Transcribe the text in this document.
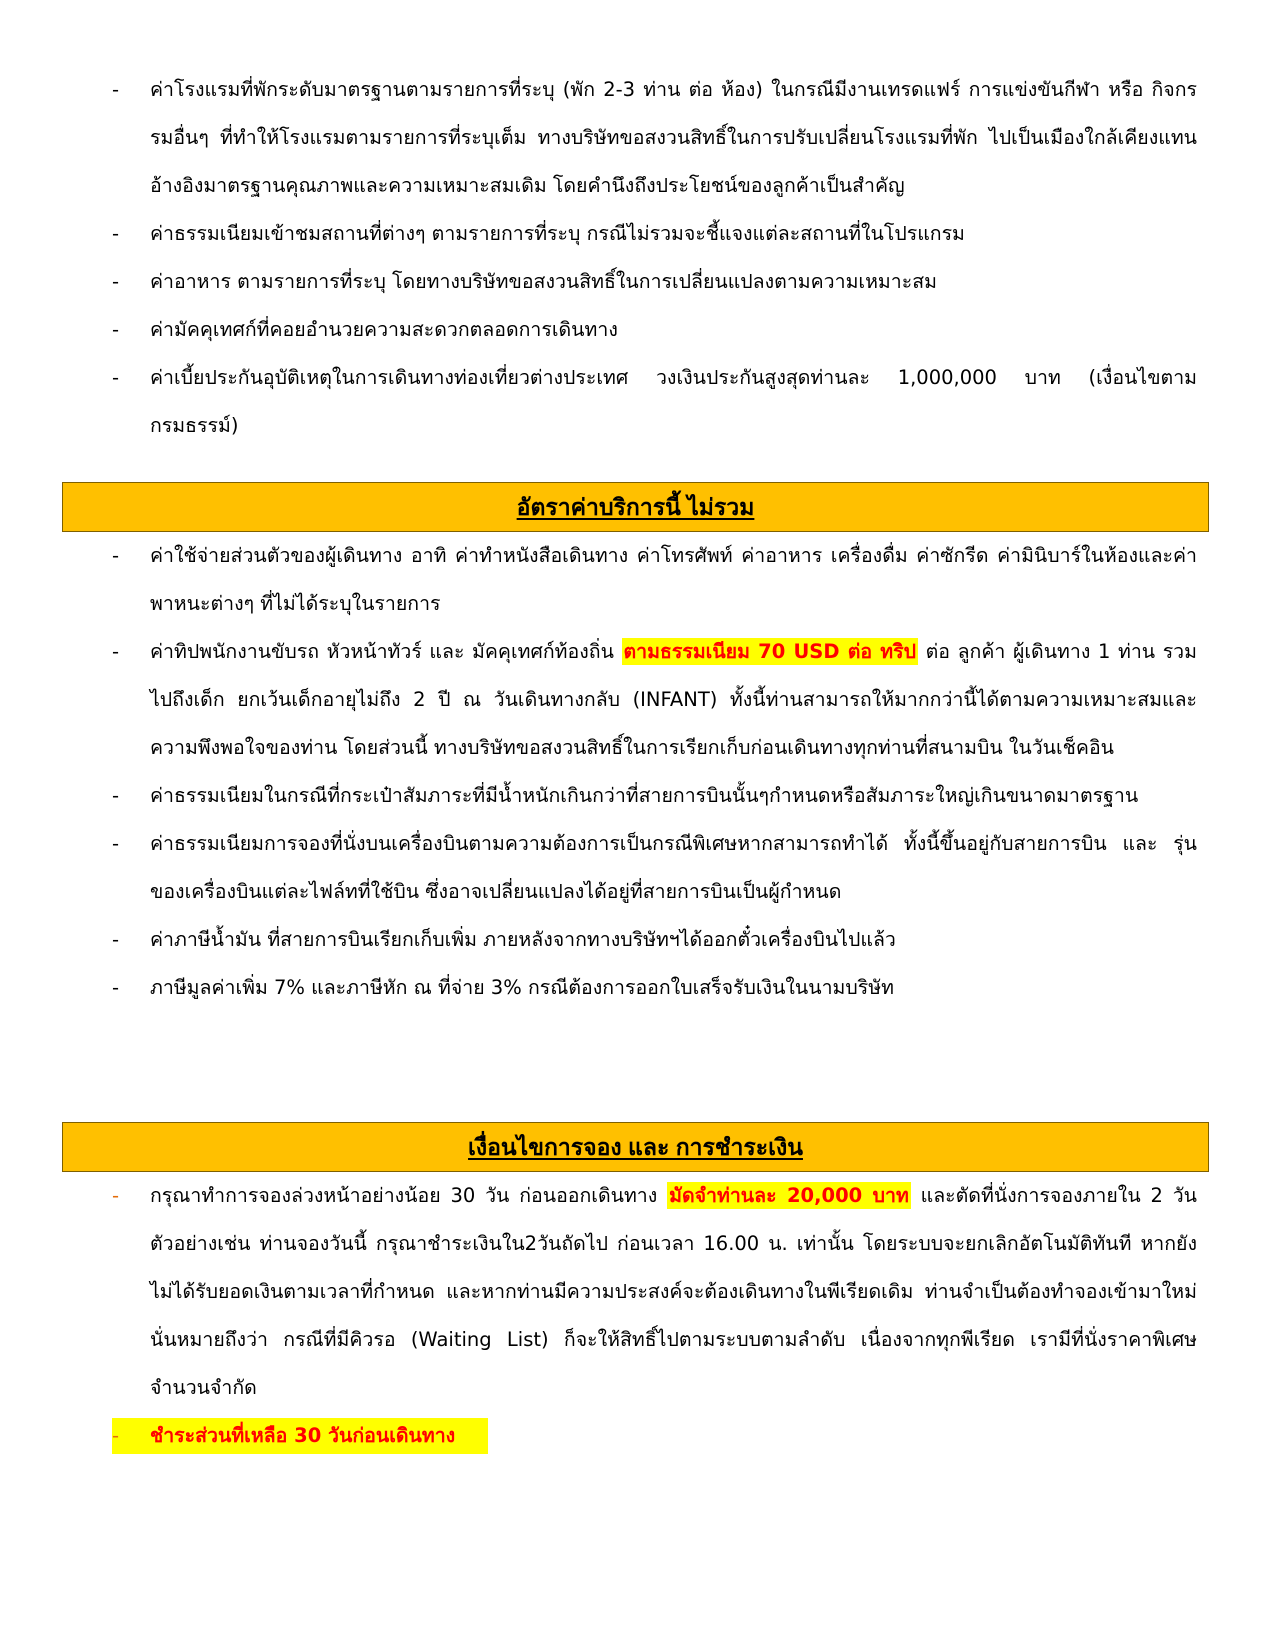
-	ค่าโรงแรมที่พักระดับมาตรฐานตามรายการที่ระบุ (พัก 2-3 ท่าน ต่อ ห้อง) ในกรณีมีงานเทรดแฟร์ การแข่งขันกีฬา หรือ กิจกรรมอื่นๆ ที่ทำให้โรงแรมตามรายการที่ระบุเต็ม ทางบริษัทขอสงวนสิทธิ์ในการปรับเปลี่ยนโรงแรมที่พัก ไปเป็นเมืองใกล้เคียงแทน อ้างอิงมาตรฐานคุณภาพและความเหมาะสมเดิม โดยคำนึงถึงประโยชน์ของลูกค้าเป็นสำคัญ

-	ค่าธรรมเนียมเข้าชมสถานที่ต่างๆ ตามรายการที่ระบุ กรณีไม่รวมจะชี้แจงแต่ละสถานที่ในโปรแกรม

-	ค่าอาหาร ตามรายการที่ระบุ โดยทางบริษัทขอสงวนสิทธิ์ในการเปลี่ยนแปลงตามความเหมาะสม

-	ค่ามัคคุเทศก์ที่คอยอำนวยความสะดวกตลอดการเดินทาง

-	ค่าเบี้ยประกันอุบัติเหตุในการเดินทางท่องเที่ยวต่างประเทศ วงเงินประกันสูงสุดท่านละ 1,000,000 บาท (เงื่อนไขตามกรมธรรม์)

อัตราค่าบริการนี้ ไม่รวม

-	ค่าใช้จ่ายส่วนตัวของผู้เดินทาง อาทิ ค่าทำหนังสือเดินทาง ค่าโทรศัพท์ ค่าอาหาร เครื่องดื่ม ค่าซักรีด ค่ามินิบาร์ในห้องและค่าพาหนะต่างๆ ที่ไม่ได้ระบุในรายการ

-	ค่าทิปพนักงานขับรถ หัวหน้าทัวร์ และ มัคคุเทศก์ท้องถิ่น ตามธรรมเนียม 70 USD ต่อ ทริป ต่อ ลูกค้า ผู้เดินทาง 1 ท่าน รวมไปถึงเด็ก ยกเว้นเด็กอายุไม่ถึง 2 ปี ณ วันเดินทางกลับ (INFANT) ทั้งนี้ท่านสามารถให้มากกว่านี้ได้ตามความเหมาะสมและความพึงพอใจของท่าน โดยส่วนนี้ ทางบริษัทขอสงวนสิทธิ์ในการเรียกเก็บก่อนเดินทางทุกท่านที่สนามบิน ในวันเช็คอิน

-	ค่าธรรมเนียมในกรณีที่กระเป๋าสัมภาระที่มีน้ำหนักเกินกว่าที่สายการบินนั้นๆกำหนดหรือสัมภาระใหญ่เกินขนาดมาตรฐาน

-	ค่าธรรมเนียมการจองที่นั่งบนเครื่องบินตามความต้องการเป็นกรณีพิเศษหากสามารถทำได้ ทั้งนี้ขึ้นอยู่กับสายการบิน และ รุ่นของเครื่องบินแต่ละไฟล์ทที่ใช้บิน ซึ่งอาจเปลี่ยนแปลงได้อยู่ที่สายการบินเป็นผู้กำหนด

-	ค่าภาษีน้ำมัน ที่สายการบินเรียกเก็บเพิ่ม ภายหลังจากทางบริษัทฯได้ออกตั๋วเครื่องบินไปแล้ว

-	ภาษีมูลค่าเพิ่ม 7% และภาษีหัก ณ ที่จ่าย 3% กรณีต้องการออกใบเสร็จรับเงินในนามบริษัท

เงื่อนไขการจอง และ การชำระเงิน

-	กรุณาทำการจองล่วงหน้าอย่างน้อย 30 วัน ก่อนออกเดินทาง มัดจำท่านละ 20,000 บาท และตัดที่นั่งการจองภายใน 2 วัน ตัวอย่างเช่น ท่านจองวันนี้ กรุณาชำระเงินใน2วันถัดไป ก่อนเวลา 16.00 น. เท่านั้น โดยระบบจะยกเลิกอัตโนมัติทันที หากยังไม่ได้รับยอดเงินตามเวลาที่กำหนด และหากท่านมีความประสงค์จะต้องเดินทางในพีเรียดเดิม ท่านจำเป็นต้องทำจองเข้ามาใหม่ นั่นหมายถึงว่า กรณีที่มีคิวรอ (Waiting List) ก็จะให้สิทธิ์ไปตามระบบตามลำดับ เนื่องจากทุกพีเรียด เรามีที่นั่งราคาพิเศษจำนวนจำกัด

-	ชำระส่วนที่เหลือ 30 วันก่อนเดินทาง
